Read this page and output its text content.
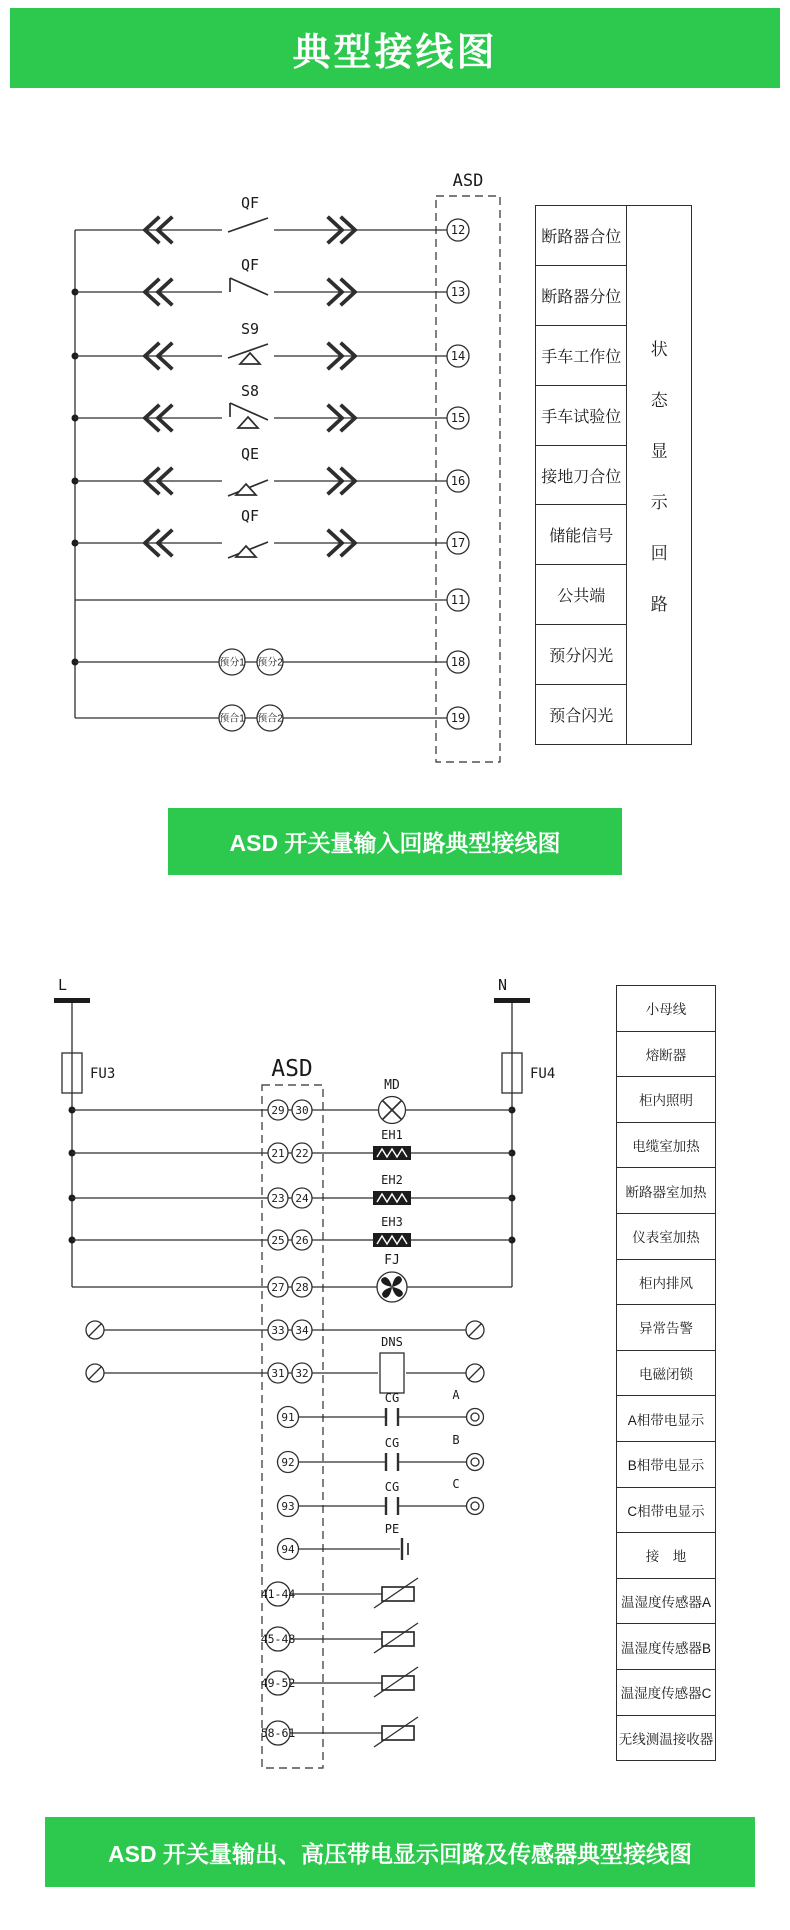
QF
12
QF
13
S9
14
S8
15
QE
16
QF
17
11
预分1 预分2	18
预合1 预合2	19
ASD
L
FU3
N
FU4
29 30
MD
21 22
EH1
23 24
EH2
25 26
EH3
27 28
FJ
33 34
31 32
DNS
91
CG	A
92
CG	B
93
CG	C
94
PE
41-44
45-48
49-52
58-61
ASD
典型接线图
断路器合位
断路器分位
手车工作位
手车试验位
接地刀合位
储能信号
公共端
预分闪光
预合闪光
状
态
显
示
回
路
ASD 开关量输入回路典型接线图
小母线
熔断器
柜内照明
电缆室加热
断路器室加热
仪表室加热
柜内排风
异常告警
电磁闭锁
A相带电显示
B相带电显示
C相带电显示
接　地
温湿度传感器A
温湿度传感器B
温湿度传感器C
无线测温接收器
ASD 开关量输出、高压带电显示回路及传感器典型接线图
